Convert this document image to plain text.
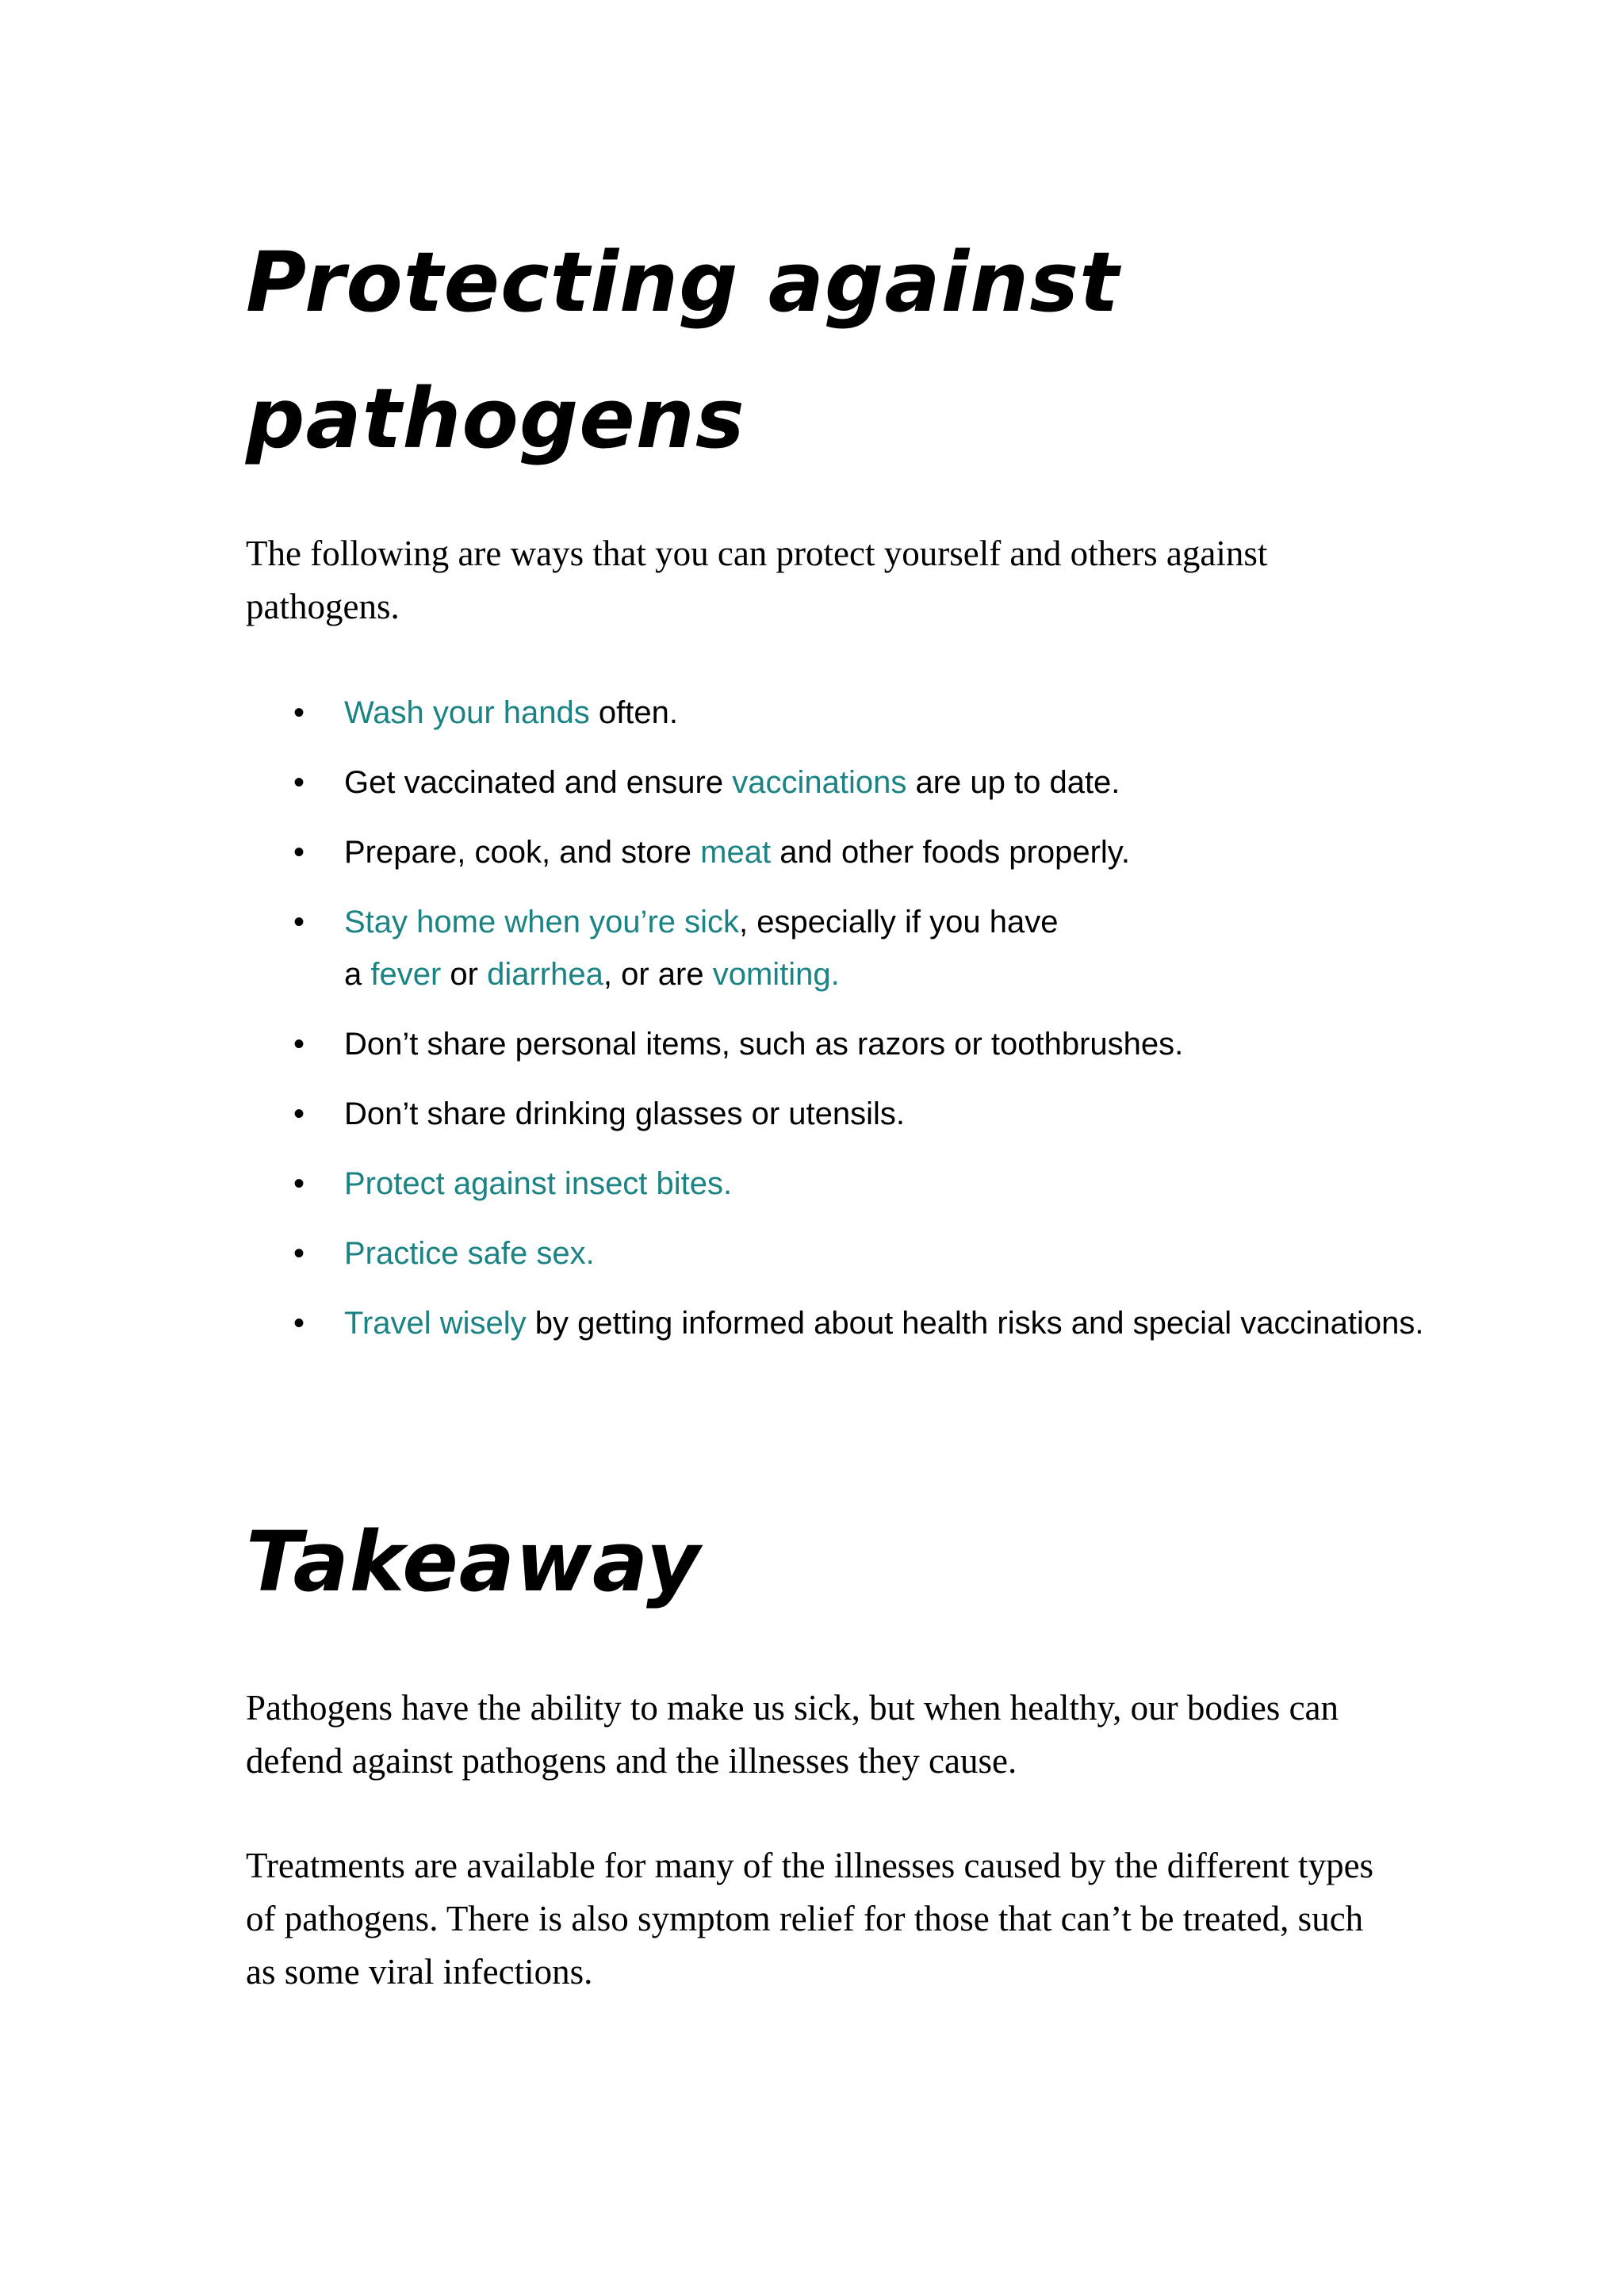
Protecting against
pathogens

The following are ways that you can protect yourself and others against pathogens.

• Wash your hands often.
• Get vaccinated and ensure vaccinations are up to date.
• Prepare, cook, and store meat and other foods properly.
• Stay home when you’re sick, especially if you have
a fever or diarrhea, or are vomiting.
• Don’t share personal items, such as razors or toothbrushes.
• Don’t share drinking glasses or utensils.
• Protect against insect bites.
• Practice safe sex.
• Travel wisely by getting informed about health risks and special vaccinations.
Takeaway

Pathogens have the ability to make us sick, but when healthy, our bodies can defend against pathogens and the illnesses they cause.

Treatments are available for many of the illnesses caused by the different types of pathogens. There is also symptom relief for those that can’t be treated, such as some viral infections.
